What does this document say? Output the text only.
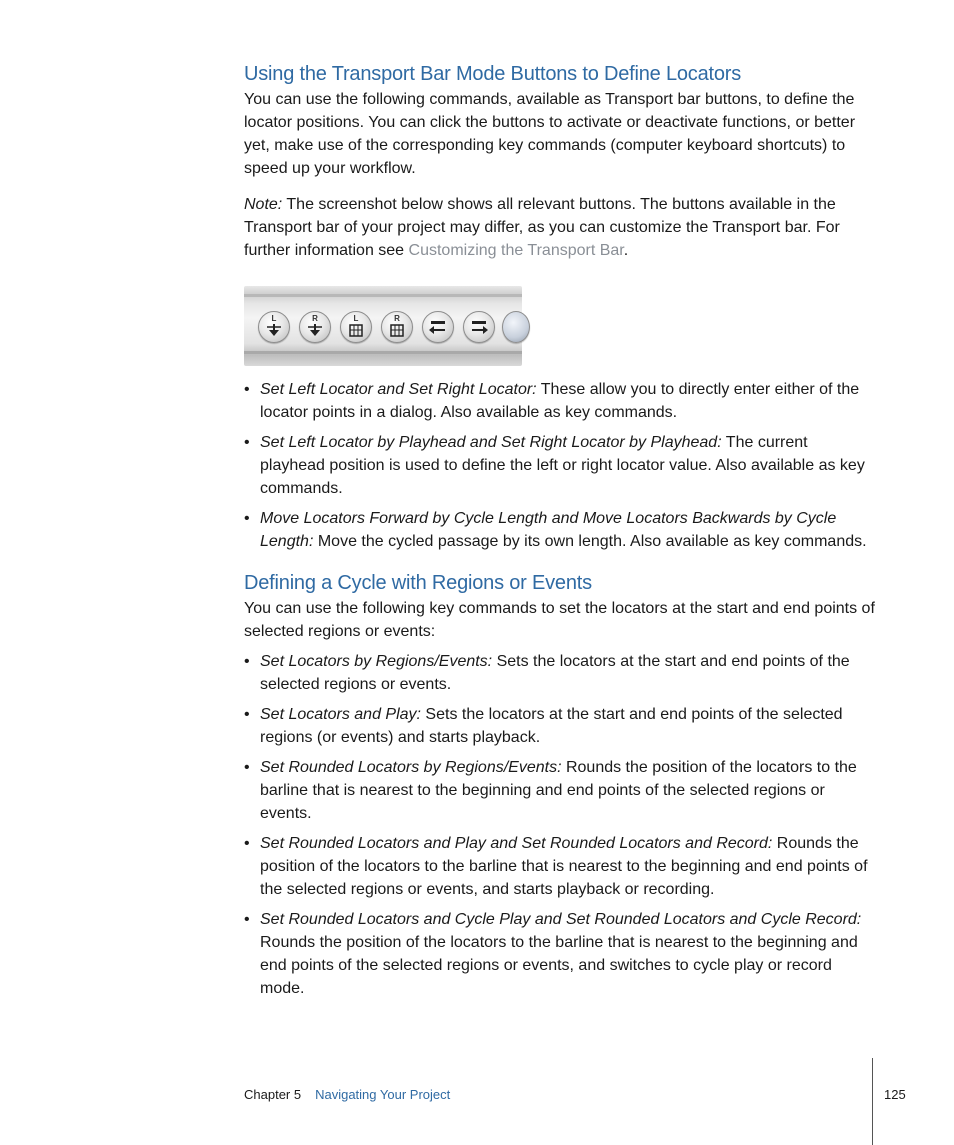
Using the Transport Bar Mode Buttons to Define Locators

You can use the following commands, available as Transport bar buttons, to define the locator positions. You can click the buttons to activate or deactivate functions, or better yet, make use of the corresponding key commands (computer keyboard shortcuts) to speed up your workflow.

Note: The screenshot below shows all relevant buttons. The buttons available in the Transport bar of your project may differ, as you can customize the Transport bar. For further information see Customizing the Transport Bar.

L	R	L	R
• Set Left Locator and Set Right Locator: These allow you to directly enter either of the locator points in a dialog. Also available as key commands.
• Set Left Locator by Playhead and Set Right Locator by Playhead: The current playhead position is used to define the left or right locator value. Also available as key commands.
• Move Locators Forward by Cycle Length and Move Locators Backwards by Cycle Length: Move the cycled passage by its own length. Also available as key commands.
Defining a Cycle with Regions or Events

You can use the following key commands to set the locators at the start and end points of selected regions or events:

• Set Locators by Regions/Events: Sets the locators at the start and end points of the selected regions or events.
• Set Locators and Play: Sets the locators at the start and end points of the selected regions (or events) and starts playback.
• Set Rounded Locators by Regions/Events: Rounds the position of the locators to the barline that is nearest to the beginning and end points of the selected regions or events.
• Set Rounded Locators and Play and Set Rounded Locators and Record: Rounds the position of the locators to the barline that is nearest to the beginning and end points of the selected regions or events, and starts playback or recording.
• Set Rounded Locators and Cycle Play and Set Rounded Locators and Cycle Record: Rounds the position of the locators to the barline that is nearest to the beginning and end points of the selected regions or events, and switches to cycle play or record mode.
Chapter 5 Navigating Your Project	125
